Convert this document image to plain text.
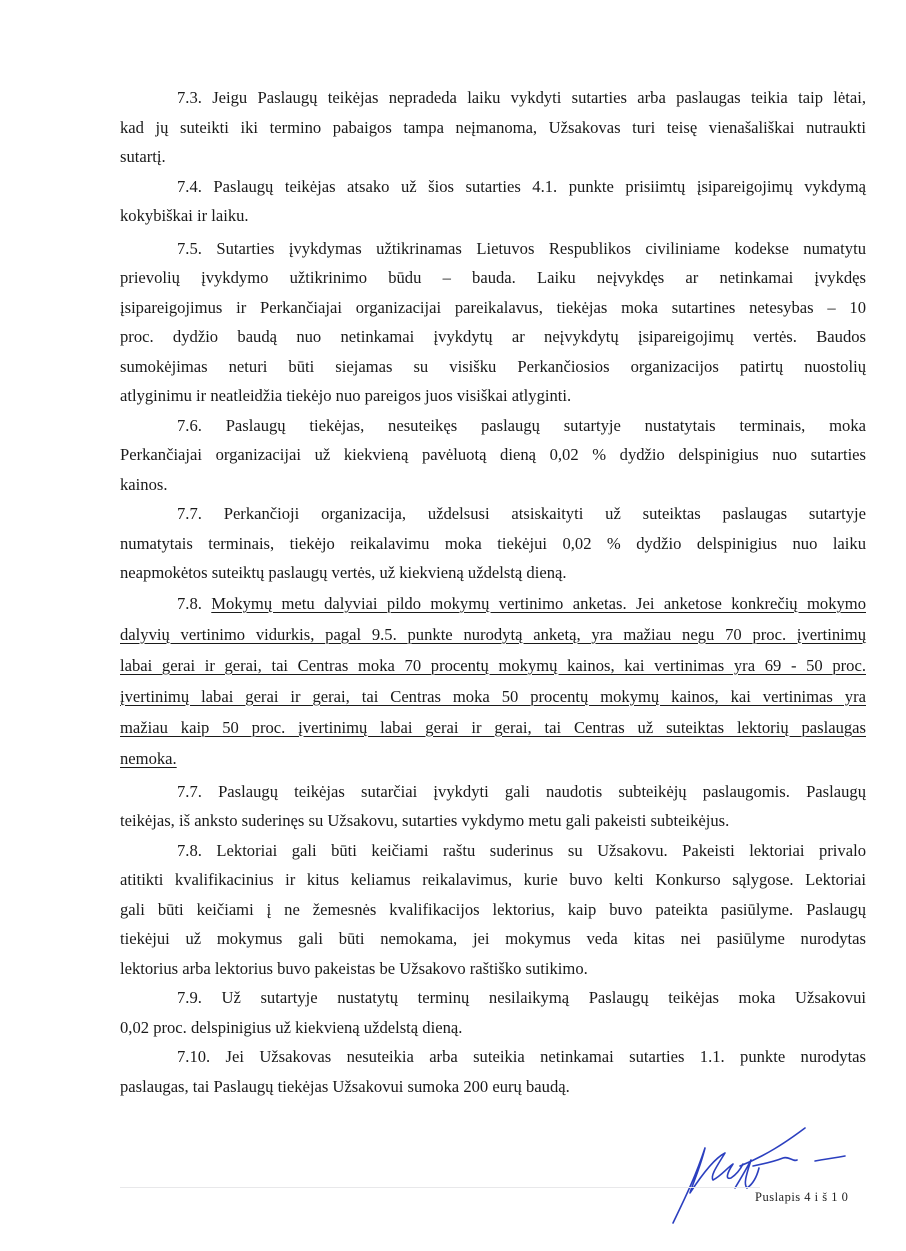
7.3. Jeigu Paslaugų teikėjas nepradeda laiku vykdyti sutarties arba paslaugas teikia taip lėtai,
kad jų suteikti iki termino pabaigos tampa neįmanoma, Užsakovas turi teisę vienašališkai nutraukti
sutartį.
7.4. Paslaugų teikėjas atsako už šios sutarties 4.1. punkte prisiimtų įsipareigojimų vykdymą
kokybiškai ir laiku.
7.5. Sutarties įvykdymas užtikrinamas Lietuvos Respublikos civiliniame kodekse numatytu
prievolių įvykdymo užtikrinimo būdu – bauda. Laiku neįvykdęs ar netinkamai įvykdęs
įsipareigojimus ir Perkančiajai organizacijai pareikalavus, tiekėjas moka sutartines netesybas – 10
proc. dydžio baudą nuo netinkamai įvykdytų ar neįvykdytų įsipareigojimų vertės. Baudos
sumokėjimas neturi būti siejamas su visišku Perkančiosios organizacijos patirtų nuostolių
atlyginimu ir neatleidžia tiekėjo nuo pareigos juos visiškai atlyginti.
7.6. Paslaugų tiekėjas, nesuteikęs paslaugų sutartyje nustatytais terminais, moka
Perkančiajai organizacijai už kiekvieną pavėluotą dieną 0,02 % dydžio delspinigius nuo sutarties
kainos.
7.7. Perkančioji organizacija, uždelsusi atsiskaityti už suteiktas paslaugas sutartyje
numatytais terminais, tiekėjo reikalavimu moka tiekėjui 0,02 % dydžio delspinigius nuo laiku
neapmokėtos suteiktų paslaugų vertės, už kiekvieną uždelstą dieną.
7.8. Mokymų metu dalyviai pildo mokymų vertinimo anketas. Jei anketose konkrečių mokymo
dalyvių vertinimo vidurkis, pagal 9.5. punkte nurodytą anketą, yra mažiau negu 70 proc. įvertinimų
labai gerai ir gerai, tai Centras moka 70 procentų mokymų kainos, kai vertinimas yra 69 - 50 proc.
įvertinimų labai gerai ir gerai, tai Centras moka 50 procentų mokymų kainos, kai vertinimas yra
mažiau kaip 50 proc. įvertinimų labai gerai ir gerai, tai Centras už suteiktas lektorių paslaugas
nemoka.
7.7. Paslaugų teikėjas sutarčiai įvykdyti gali naudotis subteikėjų paslaugomis. Paslaugų
teikėjas, iš anksto suderinęs su Užsakovu, sutarties vykdymo metu gali pakeisti subteikėjus.
7.8. Lektoriai gali būti keičiami raštu suderinus su Užsakovu. Pakeisti lektoriai privalo
atitikti kvalifikacinius ir kitus keliamus reikalavimus, kurie buvo kelti Konkurso sąlygose. Lektoriai
gali būti keičiami į ne žemesnės kvalifikacijos lektorius, kaip buvo pateikta pasiūlyme. Paslaugų
tiekėjui už mokymus gali būti nemokama, jei mokymus veda kitas nei pasiūlyme nurodytas
lektorius arba lektorius buvo pakeistas be Užsakovo raštiško sutikimo.
7.9. Už sutartyje nustatytų terminų nesilaikymą Paslaugų teikėjas moka Užsakovui
0,02 proc. delspinigius už kiekvieną uždelstą dieną.
7.10. Jei Užsakovas nesuteikia arba suteikia netinkamai sutarties 1.1. punkte nurodytas
paslaugas, tai Paslaugų tiekėjas Užsakovui sumoka 200 eurų baudą.
Puslapis 4 i š 1 0
